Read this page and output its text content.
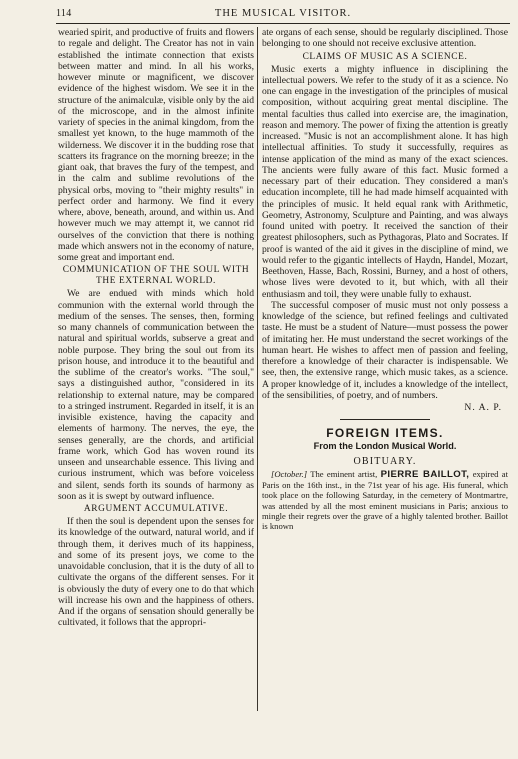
114	THE MUSICAL VISITOR.

wearied spirit, and productive of fruits and flowers to regale and delight. The Creator has not in vain established the intimate connection that exists between matter and mind. In all his works, however minute or magnificent, we discover evidence of the highest wisdom. We see it in the structure of the animalculæ, visible only by the aid of the microscope, and in the almost infinite variety of species in the animal kingdom, from the smallest yet known, to the huge mammoth of the wilderness. We discover it in the budding rose that scatters its fragrance on the morning breeze; in the giant oak, that braves the fury of the tempest, and in the calm and sublime revolutions of the physical orbs, moving to "their mighty results" in perfect order and harmony. We find it every where, above, beneath, around, and within us. And however much we may attempt it, we cannot rid ourselves of the conviction that there is nothing made which answers not in the economy of nature, some great and important end.

COMMUNICATION OF THE SOUL WITH THE EXTERNAL WORLD.

We are endued with minds which hold communion with the external world through the medium of the senses. The senses, then, forming so many channels of communication between the natural and spiritual worlds, subserve a great and noble purpose. They bring the soul out from its prison house, and introduce it to the beautiful and the sublime of the creator's works. "The soul," says a distinguished author, "considered in its relationship to external nature, may be compared to a stringed instrument. Regarded in itself, it is an invisible existence, having the capacity and elements of harmony. The nerves, the eye, the senses generally, are the chords, and artificial frame work, which God has woven round its unseen and unsearchable essence. This living and curious instrument, which was before voiceless and silent, sends forth its sounds of harmony as soon as it is swept by outward influence.

ARGUMENT ACCUMULATIVE.

If then the soul is dependent upon the senses for its knowledge of the outward, natural world, and if through them, it derives much of its happiness, and some of its present joys, we come to the unavoidable conclusion, that it is the duty of all to cultivate the organs of the different senses. For it is obviously the duty of every one to do that which will increase his own and the happiness of others. And if the organs of sensation should generally be cultivated, it follows that the appropri-

ate organs of each sense, should be regularly disciplined. Those belonging to one should not receive exclusive attention.

CLAIMS OF MUSIC AS A SCIENCE.

Music exerts a mighty influence in disciplining the intellectual powers. We refer to the study of it as a science. No one can engage in the investigation of the principles of musical composition, without acquiring great mental discipline. The mental faculties thus called into exercise are, the imagination, reason and memory. The power of fixing the attention is greatly increased. "Music is not an accomplishment alone. It has high intellectual affinities. To study it successfully, requires as intense application of the mind as many of the exact sciences. The ancients were fully aware of this fact. Music formed a necessary part of their education. They considered a man's education incomplete, till he had made himself acquainted with the principles of music. It held equal rank with Arithmetic, Geometry, Astronomy, Sculpture and Painting, and was always found united with poetry. It received the sanction of their greatest philosophers, such as Pythagoras, Plato and Socrates. If proof is wanted of the aid it gives in the discipline of mind, we would refer to the gigantic intellects of Haydn, Handel, Mozart, Beethoven, Hasse, Bach, Rossini, Burney, and a host of others, whose lives were devoted to it, but which, with all their enthusiasm and toil, they were unable fully to exhaust.

The successful composer of music must not only possess a knowledge of the science, but refined feelings and cultivated taste. He must be a student of Nature—must possess the power of imitating her. He must understand the secret workings of the human heart. He wishes to affect men of passion and feeling, therefore a knowledge of their character is indispensable. We see, then, the extensive range, which music takes, as a science. A proper knowledge of it, includes a knowledge of the intellect, of the sensibilities, of poetry, and of numbers.

N. A. P.
FOREIGN ITEMS.
From the London Musical World.
OBITUARY.

[October.] The eminent artist, PIERRE BAILLOT, expired at Paris on the 16th inst., in the 71st year of his age. His funeral, which took place on the following Saturday, in the cemetery of Montmartre, was attended by all the most eminent musicians in Paris; anxious to mingle their regrets over the grave of a highly talented brother. Baillot is known
